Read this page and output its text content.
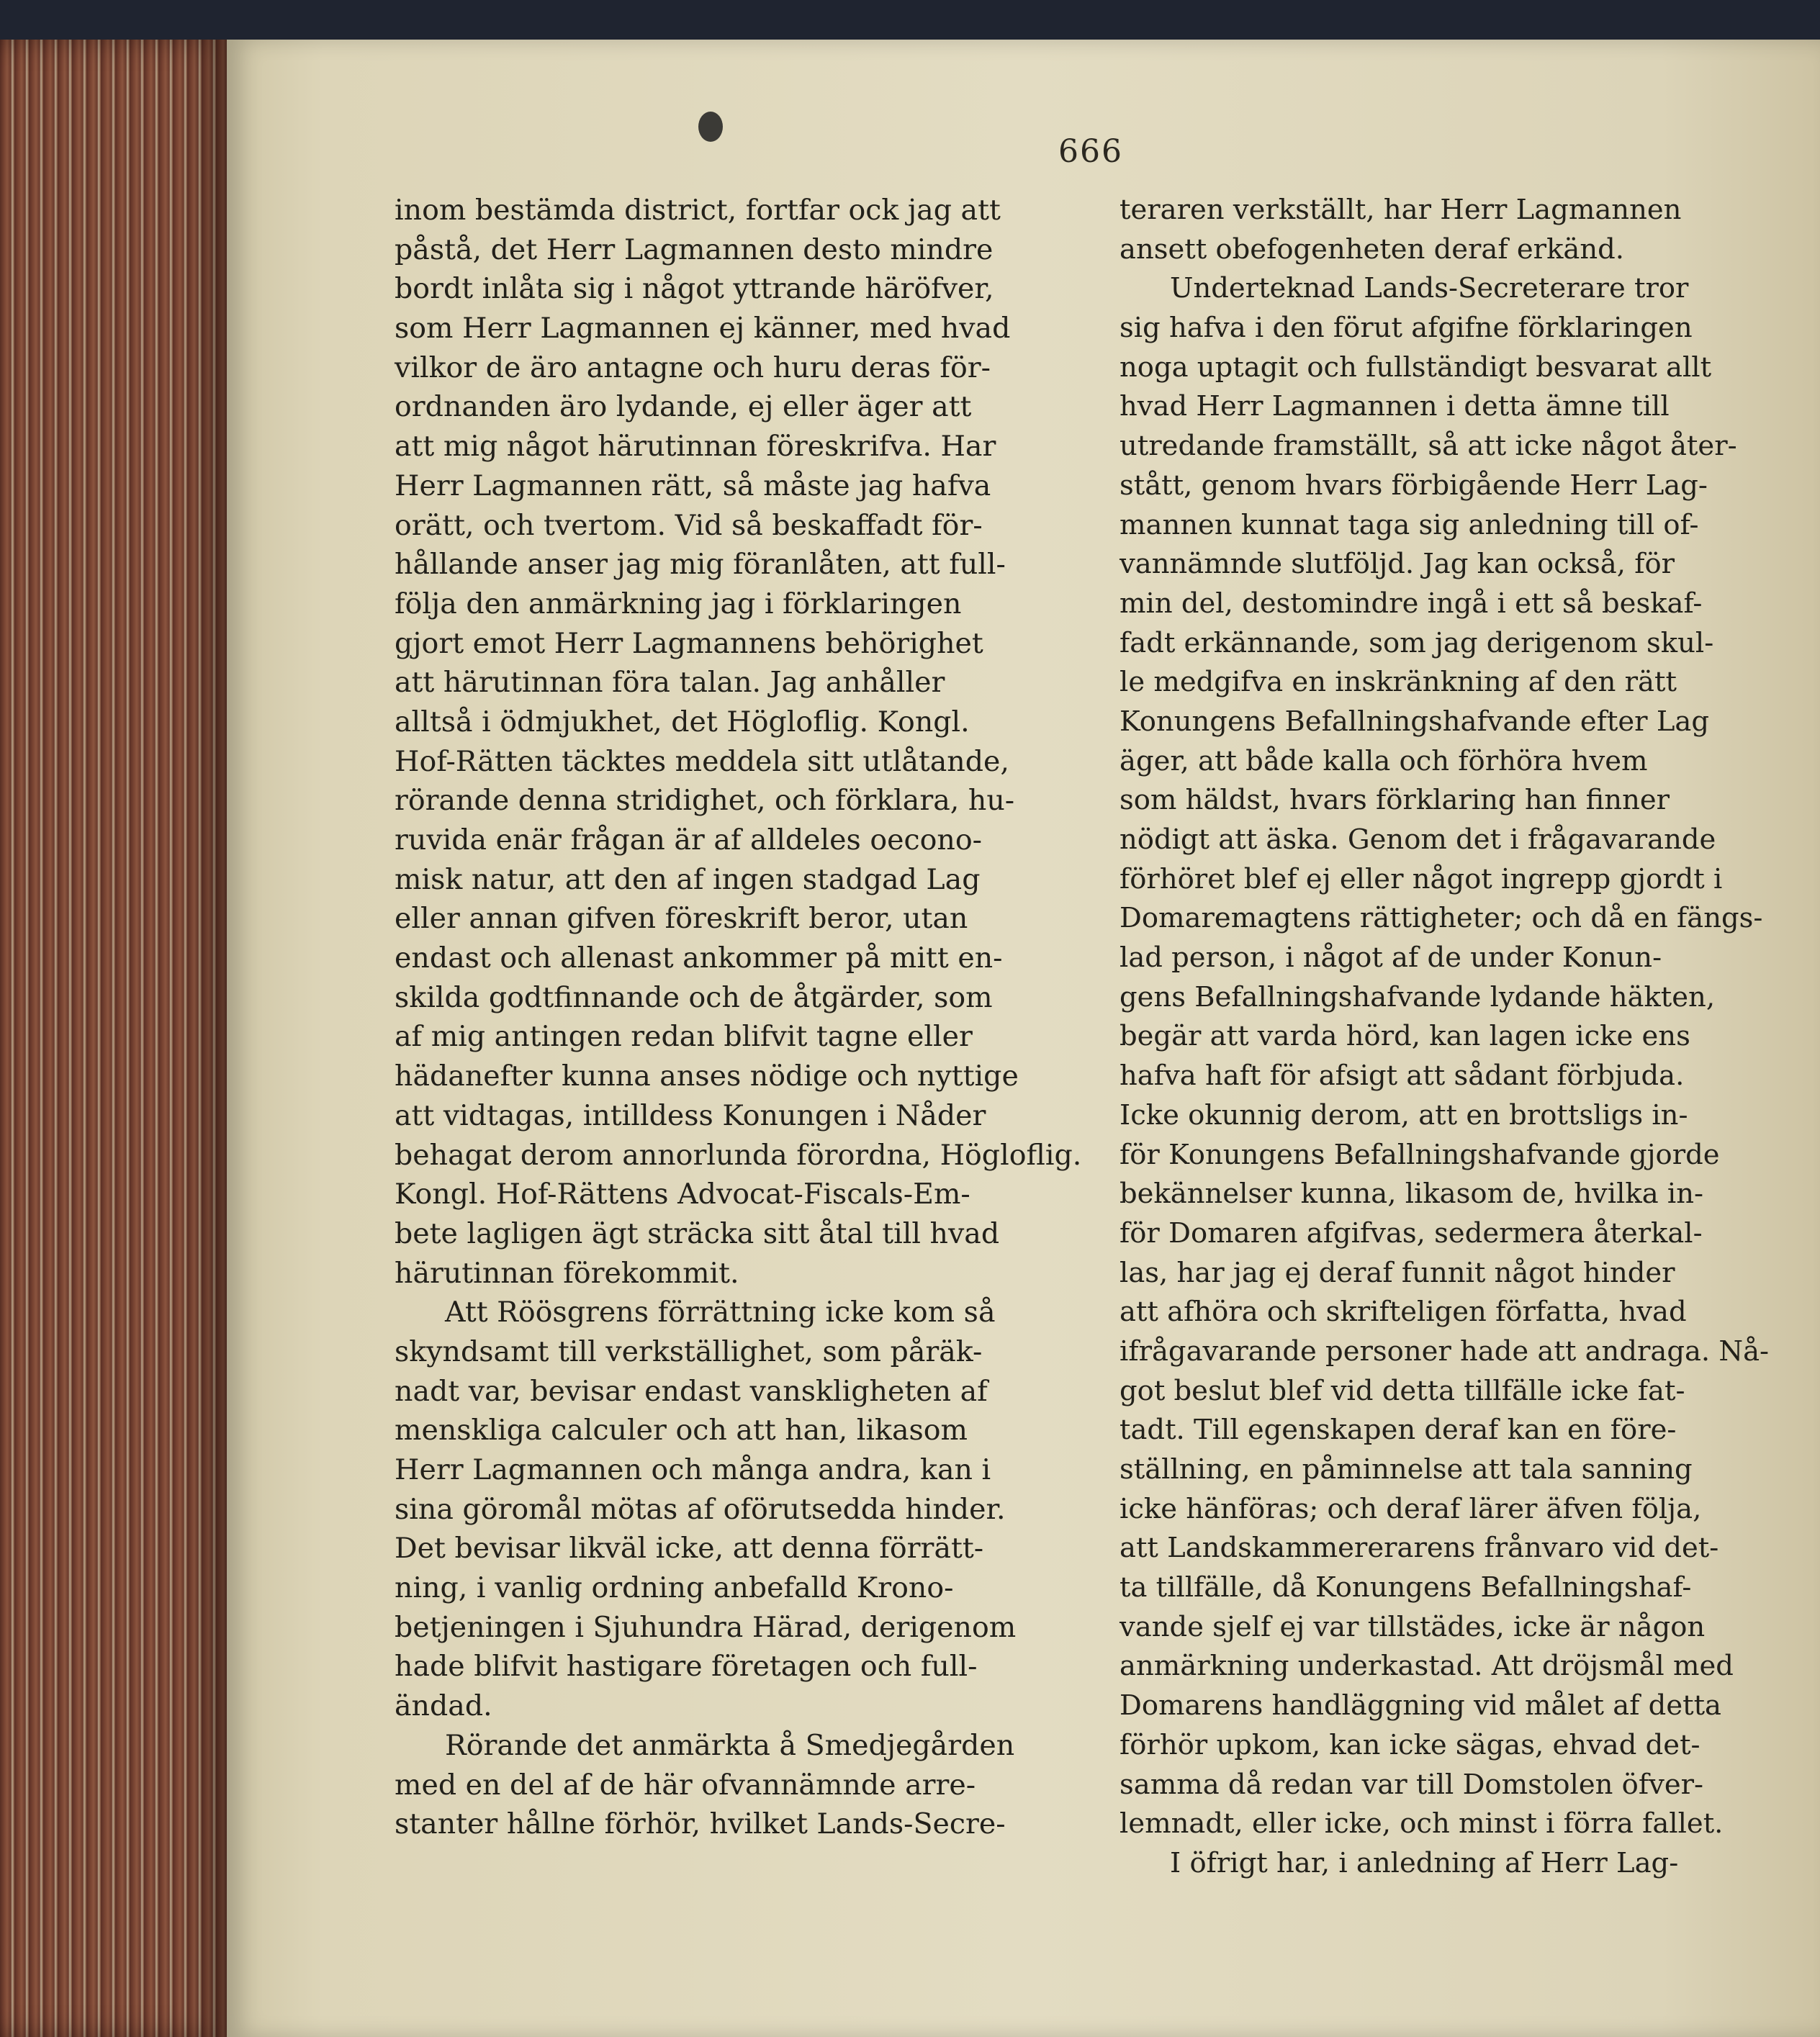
666
inom bestämda district, fortfar ock jag att
påstå, det Herr Lagmannen desto mindre
bordt inlåta sig i något yttrande häröfver,
som Herr Lagmannen ej känner, med hvad
vilkor de äro antagne och huru deras för-
ordnanden äro lydande, ej eller äger att
att mig något härutinnan föreskrifva. Har
Herr Lagmannen rätt, så måste jag hafva
orätt, och tvertom. Vid så beskaffadt för-
hållande anser jag mig föranlåten, att full-
följa den anmärkning jag i förklaringen
gjort emot Herr Lagmannens behörighet
att härutinnan föra talan. Jag anhåller
alltså i ödmjukhet, det Högloflig. Kongl.
Hof-Rätten täcktes meddela sitt utlåtande,
rörande denna stridighet, och förklara, hu-
ruvida enär frågan är af alldeles oecono-
misk natur, att den af ingen stadgad Lag
eller annan gifven föreskrift beror, utan
endast och allenast ankommer på mitt en-
skilda godtfinnande och de åtgärder, som
af mig antingen redan blifvit tagne eller
hädanefter kunna anses nödige och nyttige
att vidtagas, intilldess Konungen i Nåder
behagat derom annorlunda förordna, Högloflig.
Kongl. Hof-Rättens Advocat-Fiscals-Em-
bete lagligen ägt sträcka sitt åtal till hvad
härutinnan förekommit.
Att Röösgrens förrättning icke kom så
skyndsamt till verkställighet, som påräk-
nadt var, bevisar endast vanskligheten af
menskliga calculer och att han, likasom
Herr Lagmannen och många andra, kan i
sina göromål mötas af oförutsedda hinder.
Det bevisar likväl icke, att denna förrätt-
ning, i vanlig ordning anbefalld Krono-
betjeningen i Sjuhundra Härad, derigenom
hade blifvit hastigare företagen och full-
ändad.
Rörande det anmärkta å Smedjegården
med en del af de här ofvannämnde arre-
stanter hållne förhör, hvilket Lands-Secre-
teraren verkställt, har Herr Lagmannen
ansett obefogenheten deraf erkänd.
Underteknad Lands-Secreterare tror
sig hafva i den förut afgifne förklaringen
noga uptagit och fullständigt besvarat allt
hvad Herr Lagmannen i detta ämne till
utredande framställt, så att icke något åter-
stått, genom hvars förbigående Herr Lag-
mannen kunnat taga sig anledning till of-
vannämnde slutföljd. Jag kan också, för
min del, destomindre ingå i ett så beskaf-
fadt erkännande, som jag derigenom skul-
le medgifva en inskränkning af den rätt
Konungens Befallningshafvande efter Lag
äger, att både kalla och förhöra hvem
som häldst, hvars förklaring han finner
nödigt att äska. Genom det i frågavarande
förhöret blef ej eller något ingrepp gjordt i
Domaremagtens rättigheter; och då en fängs-
lad person, i något af de under Konun-
gens Befallningshafvande lydande häkten,
begär att varda hörd, kan lagen icke ens
hafva haft för afsigt att sådant förbjuda.
Icke okunnig derom, att en brottsligs in-
för Konungens Befallningshafvande gjorde
bekännelser kunna, likasom de, hvilka in-
för Domaren afgifvas, sedermera återkal-
las, har jag ej deraf funnit något hinder
att afhöra och skrifteligen författa, hvad
ifrågavarande personer hade att andraga. Nå-
got beslut blef vid detta tillfälle icke fat-
tadt. Till egenskapen deraf kan en före-
ställning, en påminnelse att tala sanning
icke hänföras; och deraf lärer äfven följa,
att Landskammererarens frånvaro vid det-
ta tillfälle, då Konungens Befallningshaf-
vande sjelf ej var tillstädes, icke är någon
anmärkning underkastad. Att dröjsmål med
Domarens handläggning vid målet af detta
förhör upkom, kan icke sägas, ehvad det-
samma då redan var till Domstolen öfver-
lemnadt, eller icke, och minst i förra fallet.
I öfrigt har, i anledning af Herr Lag-
